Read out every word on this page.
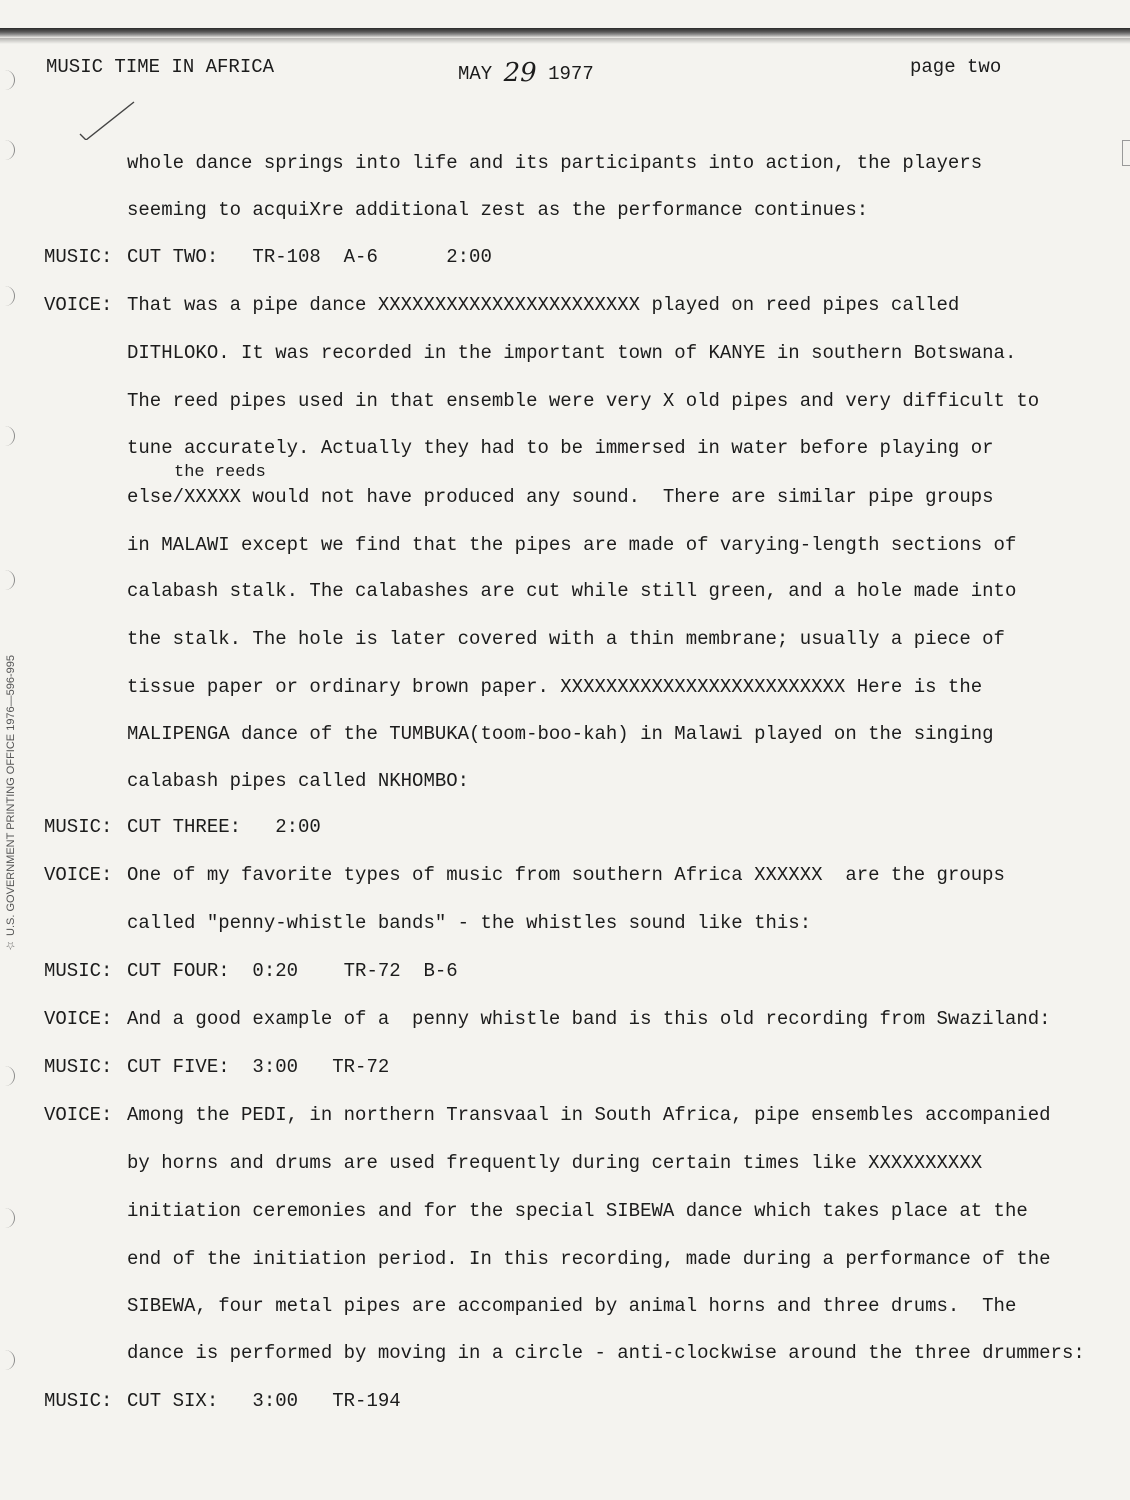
MUSIC TIME IN AFRICA	MAY 29 1977	page two
☆ U.S. GOVERNMENT PRINTING OFFICE 1976—596-995
whole dance springs into life and its participants into action, the players
seeming to acquiXre additional zest as the performance continues:
MUSIC: CUT TWO:   TR-108  A-6      2:00
VOICE: That was a pipe dance XXXXXXXXXXXXXXXXXXXXXXX played on reed pipes called
DITHLOKO. It was recorded in the important town of KANYE in southern Botswana.
The reed pipes used in that ensemble were very X old pipes and very difficult to
tune accurately. Actually they had to be immersed in water before playing or
the reeds
else/XXXXX would not have produced any sound.  There are similar pipe groups
in MALAWI except we find that the pipes are made of varying-length sections of
calabash stalk. The calabashes are cut while still green, and a hole made into
the stalk. The hole is later covered with a thin membrane; usually a piece of
tissue paper or ordinary brown paper. XXXXXXXXXXXXXXXXXXXXXXXXX Here is the
MALIPENGA dance of the TUMBUKA(toom-boo-kah) in Malawi played on the singing
calabash pipes called NKHOMBO:
MUSIC: CUT THREE:   2:00
VOICE: One of my favorite types of music from southern Africa XXXXXX  are the groups
called "penny-whistle bands" - the whistles sound like this:
MUSIC: CUT FOUR:  0:20    TR-72  B-6
VOICE: And a good example of a  penny whistle band is this old recording from Swaziland:
MUSIC: CUT FIVE:  3:00   TR-72
VOICE: Among the PEDI, in northern Transvaal in South Africa, pipe ensembles accompanied
by horns and drums are used frequently during certain times like XXXXXXXXXX
initiation ceremonies and for the special SIBEWA dance which takes place at the
end of the initiation period. In this recording, made during a performance of the
SIBEWA, four metal pipes are accompanied by animal horns and three drums.  The
dance is performed by moving in a circle - anti-clockwise around the three drummers:
MUSIC: CUT SIX:   3:00   TR-194
